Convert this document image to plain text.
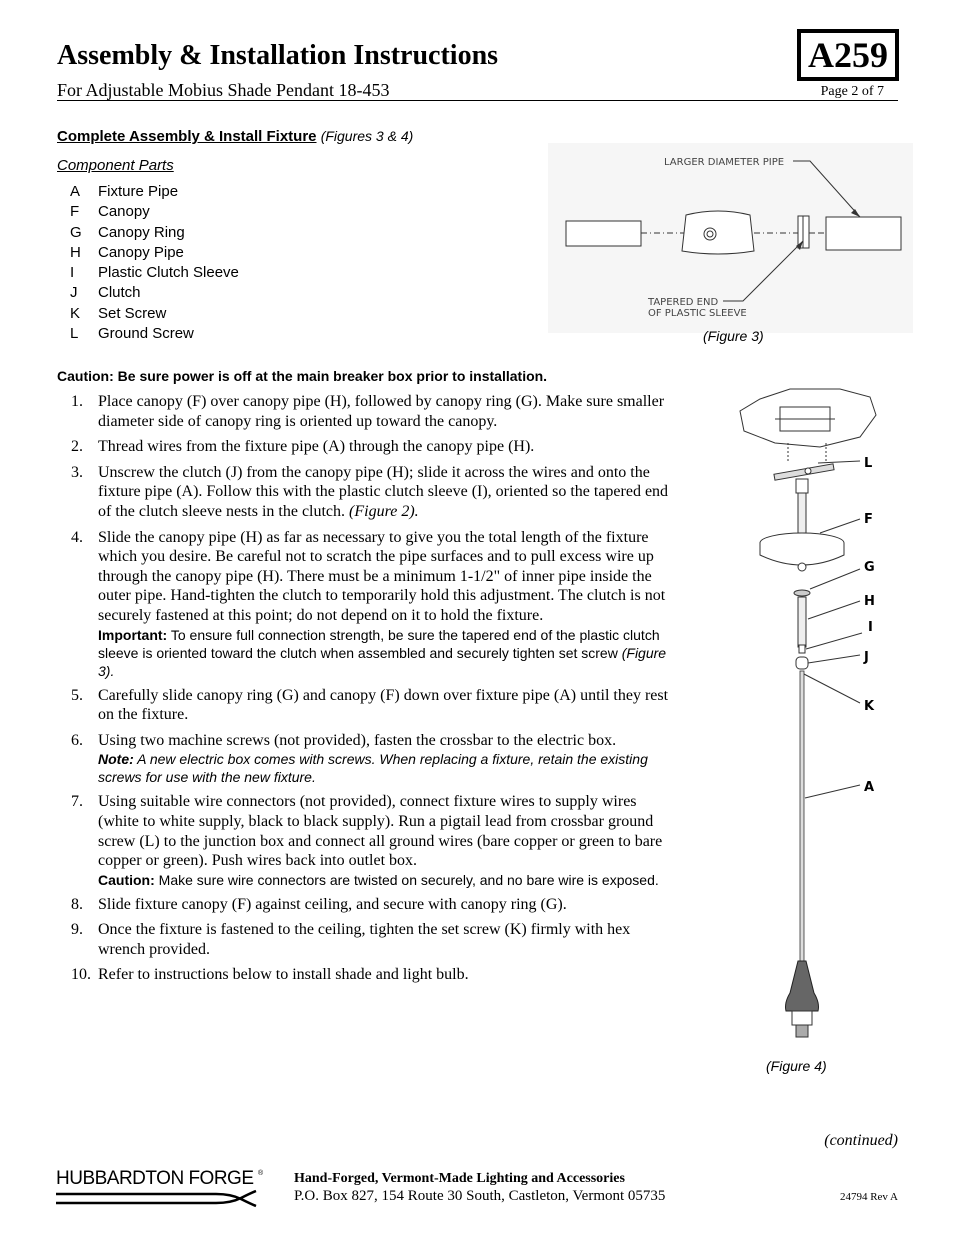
Assembly & Installation Instructions
For Adjustable Mobius Shade Pendant 18-453	Page 2 of 7
A259
Complete Assembly & Install Fixture (Figures 3 & 4)
Component Parts
A	Fixture Pipe
F	Canopy
G	Canopy Ring
H	Canopy Pipe
I	Plastic Clutch Sleeve
J	Clutch
K	Set Screw
L	Ground Screw
LARGER DIAMETER PIPE
TAPERED END
OF PLASTIC SLEEVE
(Figure 3)
Caution: Be sure power is off at the main breaker box prior to installation.
1. Place canopy (F) over canopy pipe (H), followed by canopy ring (G). Make sure smaller diameter side of canopy ring is oriented up toward the canopy.
2. Thread wires from the fixture pipe (A) through the canopy pipe (H).
3. Unscrew the clutch (J) from the canopy pipe (H); slide it across the wires and onto the fixture pipe (A). Follow this with the plastic clutch sleeve (I), oriented so the tapered end of the clutch sleeve nests in the clutch. (Figure 2).
4. Slide the canopy pipe (H) as far as necessary to give you the total length of the fixture which you desire. Be careful not to scratch the pipe surfaces and to pull excess wire up through the canopy pipe (H). There must be a minimum 1-1/2" of inner pipe inside the outer pipe. Hand-tighten the clutch to temporarily hold this adjustment. The clutch is not securely fastened at this point; do not depend on it to hold the fixture.
Important: To ensure full connection strength, be sure the tapered end of the plastic clutch sleeve is oriented toward the clutch when assembled and securely tighten set screw (Figure 3).
5. Carefully slide canopy ring (G) and canopy (F) down over fixture pipe (A) until they rest on the fixture.
6. Using two machine screws (not provided), fasten the crossbar to the electric box.
Note: A new electric box comes with screws. When replacing a fixture, retain the existing screws for use with the new fixture.
7. Using suitable wire connectors (not provided), connect fixture wires to supply wires (white to white supply, black to black supply). Run a pigtail lead from crossbar ground screw (L) to the junction box and connect all ground wires (bare copper or green to bare copper or green). Push wires back into outlet box.
Caution: Make sure wire connectors are twisted on securely, and no bare wire is exposed.
8. Slide fixture canopy (F) against ceiling, and secure with canopy ring (G).
9. Once the fixture is fastened to the ceiling, tighten the set screw (K) firmly with hex wrench provided.
10. Refer to instructions below to install shade and light bulb.
L
F
G
H
I
J
K
A
(Figure 4)
(continued)
HUBBARDTON FORGE ® Hand-Forged, Vermont-Made Lighting and Accessories
P.O. Box 827, 154 Route 30 South, Castleton, Vermont 05735	24794 Rev A
